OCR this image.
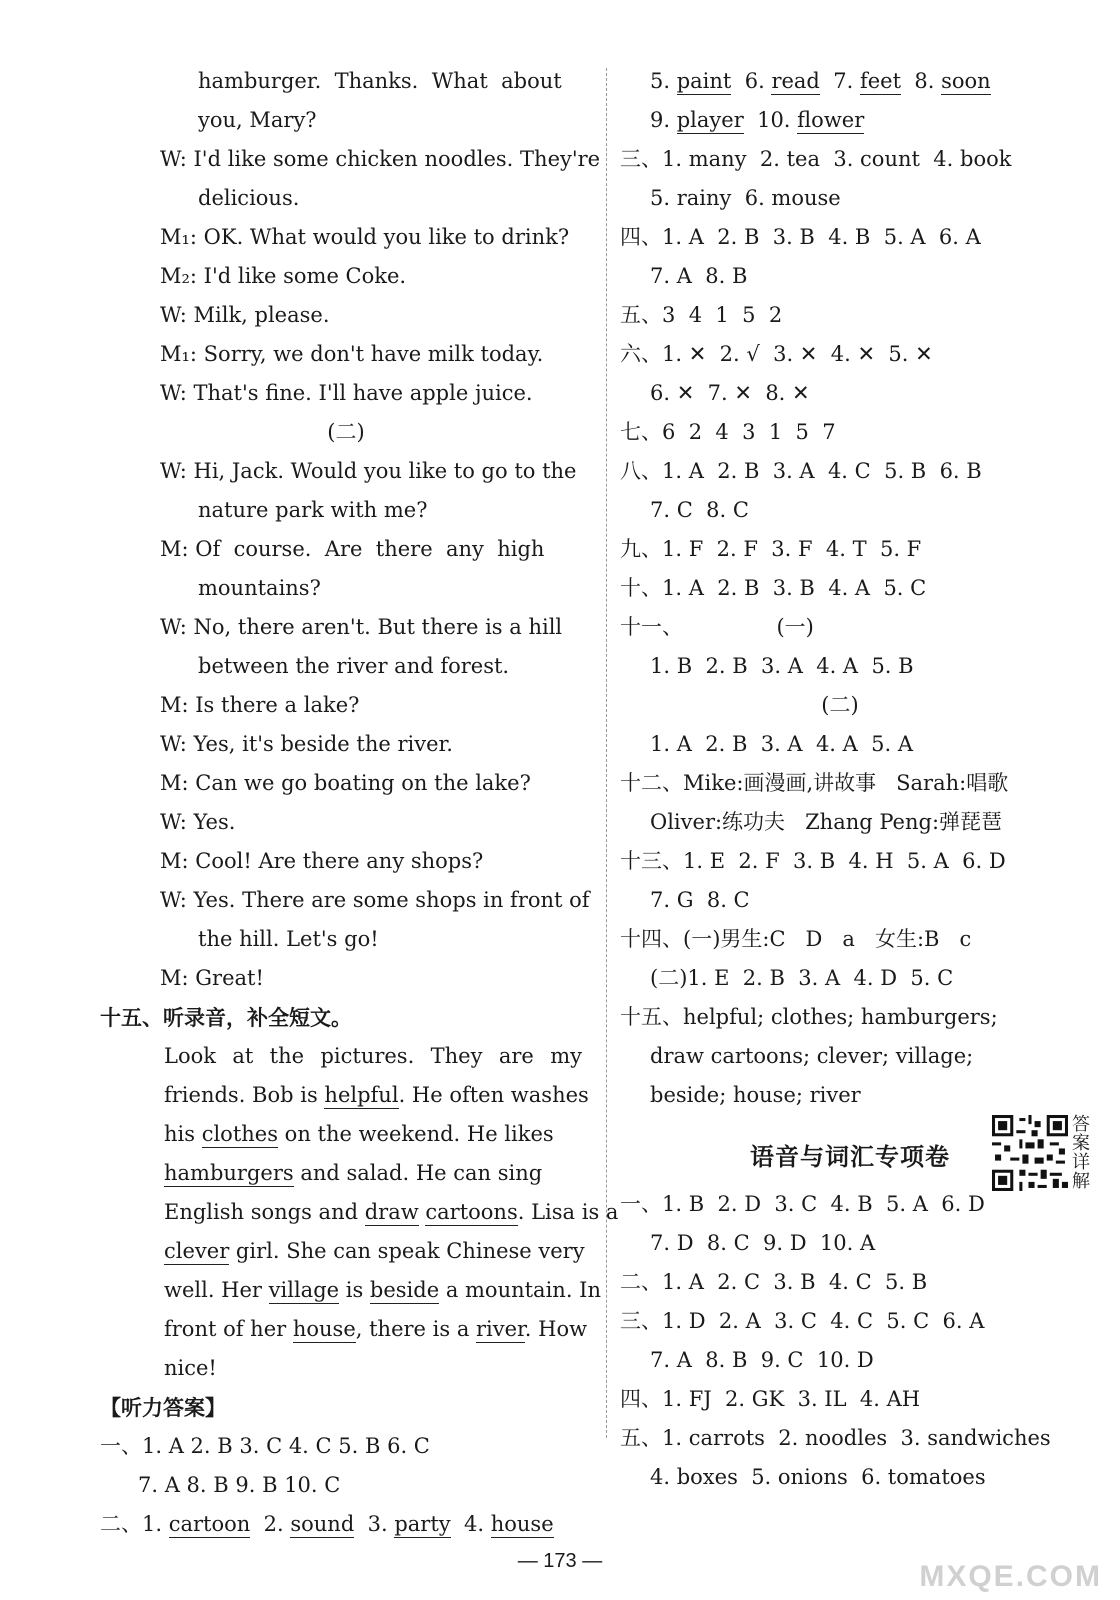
hamburger.  Thanks.  What  about
you, Mary?
W: I'd like some chicken noodles. They're
delicious.
M₁: OK. What would you like to drink?
M₂: I'd like some Coke.
W: Milk, please.
M₁: Sorry, we don't have milk today.
W: That's fine. I'll have apple juice.
(二)
W: Hi, Jack. Would you like to go to the
nature park with me?
M: Of  course.  Are  there  any  high
mountains?
W: No, there aren't. But there is a hill
between the river and forest.
M: Is there a lake?
W: Yes, it's beside the river.
M: Can we go boating on the lake?
W: Yes.
M: Cool! Are there any shops?
W: Yes. There are some shops in front of
the hill. Let's go!
M: Great!
十五、听录音，补全短文。
Look at the pictures. They are my
friends. Bob is helpful. He often washes
his clothes on the weekend. He likes
hamburgers and salad. He can sing
English songs and draw cartoons. Lisa is a
clever girl. She can speak Chinese very
well. Her village is beside a mountain. In
front of her house, there is a river. How
nice!
【听力答案】
一、1. A 2. B 3. C 4. C 5. B 6. C
7. A 8. B 9. B 10. C
二、1. cartoon  2. sound  3. party  4. house
5. paint  6. read  7. feet  8. soon
9. player  10. flower
三、1. many  2. tea  3. count  4. book
5. rainy  6. mouse
四、1. A  2. B  3. B  4. B  5. A  6. A
7. A  8. B
五、3  4  1  5  2
六、1. ✕  2. √  3. ✕  4. ✕  5. ✕
6. ✕  7. ✕  8. ✕
七、6  2  4  3  1  5  7
八、1. A  2. B  3. A  4. C  5. B  6. B
7. C  8. C
九、1. F  2. F  3. F  4. T  5. F
十、1. A  2. B  3. B  4. A  5. C
十一、              (一)
1. B  2. B  3. A  4. A  5. B
(二)
1. A  2. B  3. A  4. A  5. A
十二、Mike:画漫画,讲故事   Sarah:唱歌
Oliver:练功夫   Zhang Peng:弹琵琶
十三、1. E  2. F  3. B  4. H  5. A  6. D
7. G  8. C
十四、(一)男生:C   D   a   女生:B   c
(二)1. E  2. B  3. A  4. D  5. C
十五、helpful; clothes; hamburgers;
draw cartoons; clever; village;
beside; house; river
语音与词汇专项卷
答案详解
一、1. B  2. D  3. C  4. B  5. A  6. D
7. D  8. C  9. D  10. A
二、1. A  2. C  3. B  4. C  5. B
三、1. D  2. A  3. C  4. C  5. C  6. A
7. A  8. B  9. C  10. D
四、1. FJ  2. GK  3. IL  4. AH
五、1. carrots  2. noodles  3. sandwiches
4. boxes  5. onions  6. tomatoes
— 173 —	MXQE.COM
